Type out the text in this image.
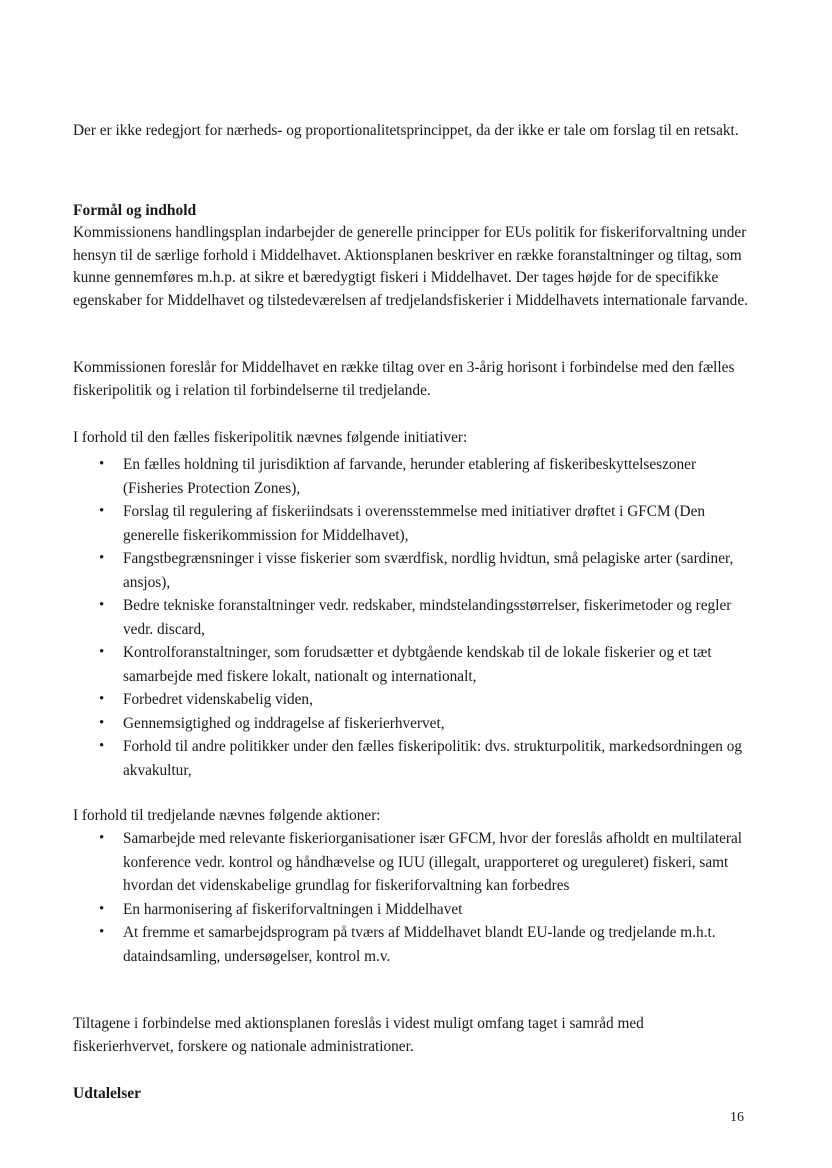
Der er ikke redegjort for nærheds- og proportionalitetsprincippet, da der ikke er tale om forslag til en retsakt.

Formål og indhold

Kommissionens handlingsplan indarbejder de generelle principper for EUs politik for fiskeriforvaltning under hensyn til de særlige forhold i Middelhavet. Aktionsplanen beskriver en række foranstaltninger og tiltag, som kunne gennemføres m.h.p. at sikre et bæredygtigt fiskeri i Middelhavet. Der tages højde for de specifikke egenskaber for Middelhavet og tilstedeværelsen af tredjelandsfiskerier i Middelhavets internationale farvande.

Kommissionen foreslår for Middelhavet en række tiltag over en 3-årig horisont i forbindelse med den fælles fiskeripolitik og i relation til forbindelserne til tredjelande.

I forhold til den fælles fiskeripolitik nævnes følgende initiativer:

• En fælles holdning til jurisdiktion af farvande, herunder etablering af fiskeribeskyttelseszoner (Fisheries Protection Zones),
• Forslag til regulering af fiskeriindsats i overensstemmelse med initiativer drøftet i GFCM (Den generelle fiskerikommission for Middelhavet),
• Fangstbegrænsninger i visse fiskerier som sværdfisk, nordlig hvidtun, små pelagiske arter (sardiner, ansjos),
• Bedre tekniske foranstaltninger vedr. redskaber, mindstelandingsstørrelser, fiskerimetoder og regler vedr. discard,
• Kontrolforanstaltninger, som forudsætter et dybtgående kendskab til de lokale fiskerier og et tæt samarbejde med fiskere lokalt, nationalt og internationalt,
• Forbedret videnskabelig viden,
• Gennemsigtighed og inddragelse af fiskerierhvervet,
• Forhold til andre politikker under den fælles fiskeripolitik: dvs. strukturpolitik, markedsordningen og akvakultur,

I forhold til tredjelande nævnes følgende aktioner:

• Samarbejde med relevante fiskeriorganisationer især GFCM, hvor der foreslås afholdt en multilateral konference vedr. kontrol og håndhævelse og IUU (illegalt, urapporteret og ureguleret) fiskeri, samt hvordan det videnskabelige grundlag for fiskeriforvaltning kan forbedres
• En harmonisering af fiskeriforvaltningen i Middelhavet
• At fremme et samarbejdsprogram på tværs af Middelhavet blandt EU-lande og tredjelande m.h.t. dataindsamling, undersøgelser, kontrol m.v.

Tiltagene i forbindelse med aktionsplanen foreslås i videst muligt omfang taget i samråd med fiskerierhvervet, forskere og nationale administrationer.

Udtalelser
16
